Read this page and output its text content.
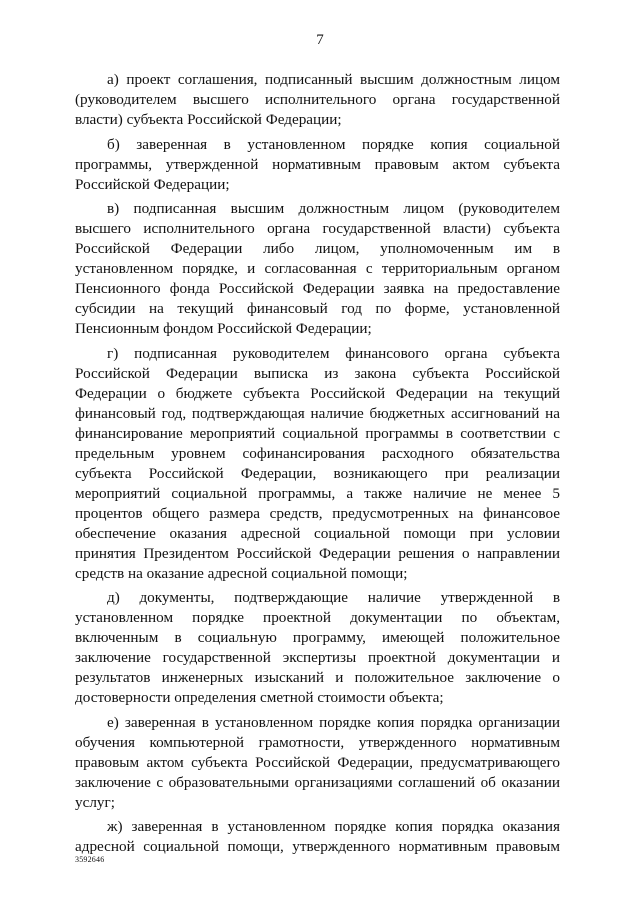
7

а) проект соглашения, подписанный высшим должностным лицом (руководителем высшего исполнительного органа государственной власти) субъекта Российской Федерации;

б) заверенная в установленном порядке копия социальной программы, утвержденной нормативным правовым актом субъекта Российской Федерации;

в) подписанная высшим должностным лицом (руководителем высшего исполнительного органа государственной власти) субъекта Российской Федерации либо лицом, уполномоченным им в установленном порядке, и согласованная с территориальным органом Пенсионного фонда Российской Федерации заявка на предоставление субсидии на текущий финансовый год по форме, установленной Пенсионным фондом Российской Федерации;

г) подписанная руководителем финансового органа субъекта Российской Федерации выписка из закона субъекта Российской Федерации о бюджете субъекта Российской Федерации на текущий финансовый год, подтверждающая наличие бюджетных ассигнований на финансирование мероприятий социальной программы в соответствии с предельным уровнем софинансирования расходного обязательства субъекта Российской Федерации, возникающего при реализации мероприятий социальной программы, а также наличие не менее 5 процентов общего размера средств, предусмотренных на финансовое обеспечение оказания адресной социальной помощи при условии принятия Президентом Российской Федерации решения о направлении средств на оказание адресной социальной помощи;

д) документы, подтверждающие наличие утвержденной в установленном порядке проектной документации по объектам, включенным в социальную программу, имеющей положительное заключение государственной экспертизы проектной документации и результатов инженерных изысканий и положительное заключение о достоверности определения сметной стоимости объекта;

е) заверенная в установленном порядке копия порядка организации обучения компьютерной грамотности, утвержденного нормативным правовым актом субъекта Российской Федерации, предусматривающего заключение с образовательными организациями соглашений об оказании услуг;

ж) заверенная в установленном порядке копия порядка оказания адресной социальной помощи, утвержденного нормативным правовым

3592646
